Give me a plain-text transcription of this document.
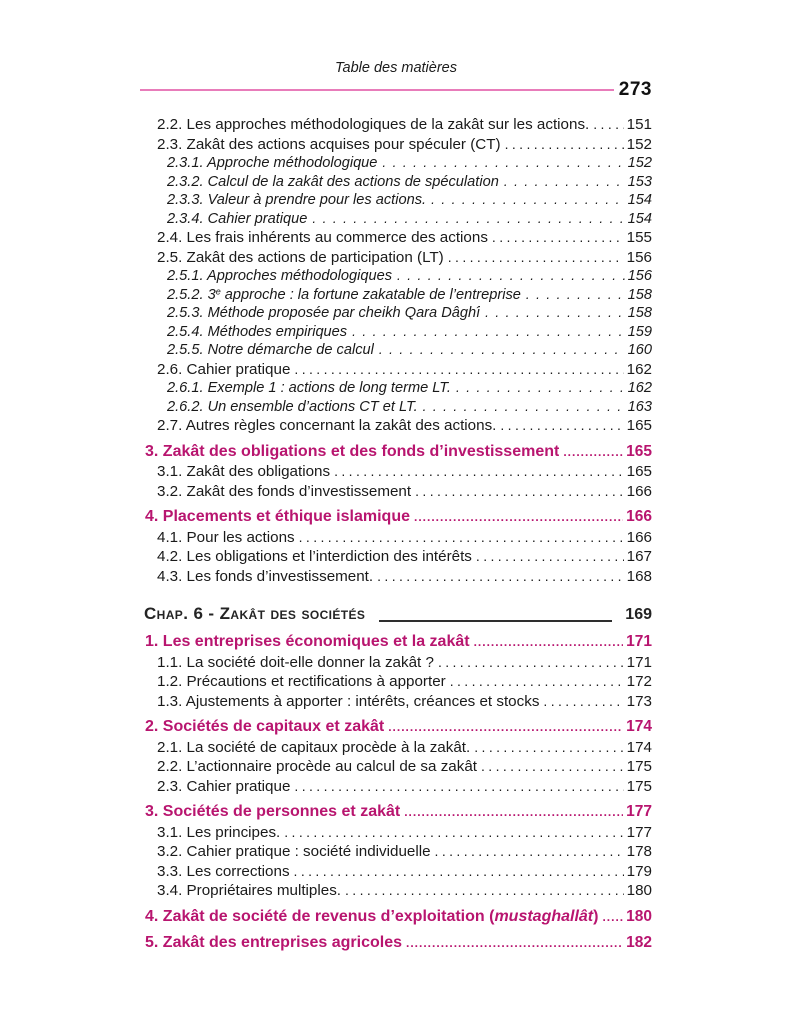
Table des matières
273
2.2. Les approches méthodologiques de la zakât sur les actions. ..... 151
2.3. Zakât des actions acquises pour spéculer (CT) .....	152
2.3.1. Approche méthodologique .....	152
2.3.2. Calcul de la zakât des actions de spéculation .....	153
2.3.3. Valeur à prendre pour les actions. .....	154
2.3.4. Cahier pratique .....	154
2.4. Les frais inhérents au commerce des actions .....	155
2.5. Zakât des actions de participation (LT) .....	156
2.5.1. Approches méthodologiques .....	156
2.5.2. 3e approche : la fortune zakatable de l’entreprise .....	158
2.5.3. Méthode proposée par cheikh Qara Dâghî .....	158
2.5.4. Méthodes empiriques .....	159
2.5.5. Notre démarche de calcul .....	160
2.6. Cahier pratique .....	162
2.6.1. Exemple 1 : actions de long terme LT. .....	162
2.6.2. Un ensemble d’actions CT et LT. .....	163
2.7. Autres règles concernant la zakât des actions. .....	165
3. Zakât des obligations et des fonds d’investissement .....	165
3.1. Zakât des obligations .....	165
3.2. Zakât des fonds d’investissement .....	166
4. Placements et éthique islamique .....	166
4.1. Pour les actions .....	166
4.2. Les obligations et l’interdiction des intérêts .....	167
4.3. Les fonds d’investissement. .....	168
Chap. 6 - Zakât des sociétés	169
1. Les entreprises économiques et la zakât .....	171
1.1. La société doit-elle donner la zakât ? .....	171
1.2. Précautions et rectifications à apporter .....	172
1.3. Ajustements à apporter : intérêts, créances et stocks .....	173
2. Sociétés de capitaux et zakât .....	174
2.1. La société de capitaux procède à la zakât. .....	174
2.2. L’actionnaire procède au calcul de sa zakât .....	175
2.3. Cahier pratique .....	175
3. Sociétés de personnes et zakât .....	177
3.1. Les principes. .....	177
3.2. Cahier pratique : société individuelle .....	178
3.3. Les corrections .....	179
3.4. Propriétaires multiples. .....	180
4. Zakât de société de revenus d’exploitation (mustaghallât) ..... 180
5. Zakât des entreprises agricoles .....	182
